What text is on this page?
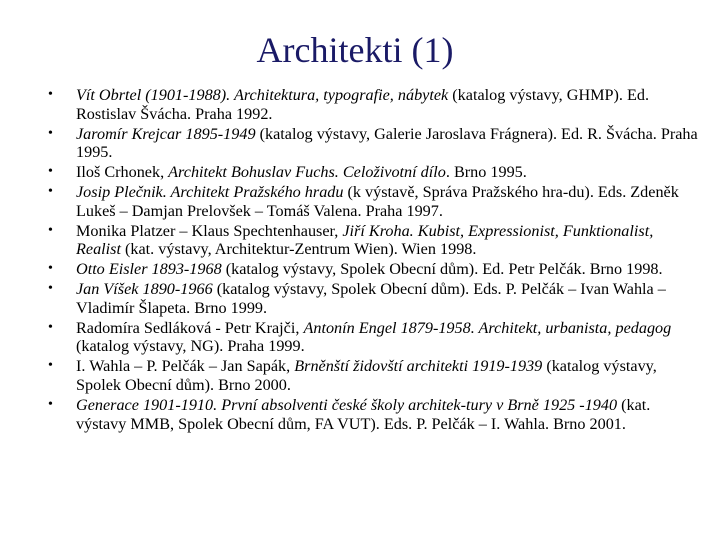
Architekti (1)
• Vít Obrtel (1901-1988). Architektura, typografie, nábytek (katalog výstavy, GHMP). Ed. Rostislav Švácha. Praha 1992.
• Jaromír Krejcar 1895-1949 (katalog výstavy, Galerie Jaroslava Frágnera). Ed. R. Švácha. Praha 1995.
• Iloš Crhonek, Architekt Bohuslav Fuchs. Celoživotní dílo. Brno 1995.
• Josip Plečnik. Architekt Pražského hradu (k výstavě, Správa Pražského hra-du). Eds. Zdeněk Lukeš – Damjan Prelovšek – Tomáš Valena. Praha 1997.
• Monika Platzer – Klaus Spechtenhauser, Jiří Kroha. Kubist, Expressionist, Funktionalist, Realist (kat. výstavy, Architektur-Zentrum Wien). Wien 1998.
• Otto Eisler 1893-1968 (katalog výstavy, Spolek Obecní dům). Ed. Petr Pelčák. Brno 1998.
• Jan Víšek 1890-1966 (katalog výstavy, Spolek Obecní dům). Eds. P. Pelčák – Ivan Wahla – Vladimír Šlapeta. Brno 1999.
• Radomíra Sedláková - Petr Krajči, Antonín Engel 1879-1958. Architekt, urbanista, pedagog (katalog výstavy, NG). Praha 1999.
• I. Wahla – P. Pelčák – Jan Sapák, Brněnští židovští architekti 1919-1939 (katalog výstavy, Spolek Obecní dům). Brno 2000.
• Generace 1901-1910. První absolventi české školy architek-tury v Brně 1925 -1940 (kat. výstavy MMB, Spolek Obecní dům, FA VUT). Eds. P. Pelčák – I. Wahla. Brno 2001.
